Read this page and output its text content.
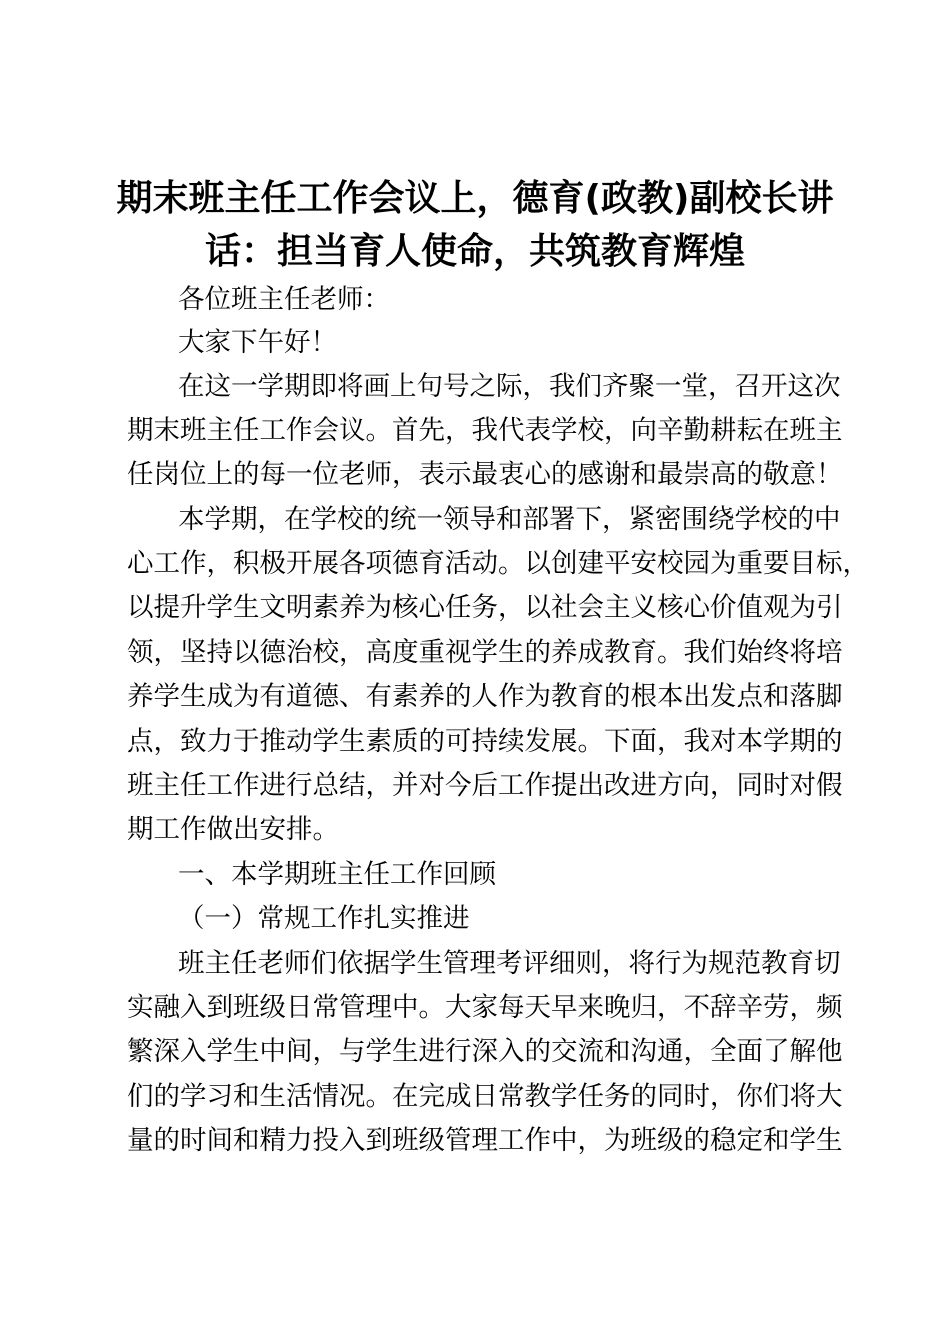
期末班主任工作会议上，德育(政教)副校长讲
话：担当育人使命，共筑教育辉煌
各位班主任老师：
大家下午好！
在这一学期即将画上句号之际，我们齐聚一堂，召开这次
期末班主任工作会议。首先，我代表学校，向辛勤耕耘在班主
任岗位上的每一位老师，表示最衷心的感谢和最崇高的敬意！
本学期，在学校的统一领导和部署下，紧密围绕学校的中
心工作，积极开展各项德育活动。以创建平安校园为重要目标，
以提升学生文明素养为核心任务，以社会主义核心价值观为引
领，坚持以德治校，高度重视学生的养成教育。我们始终将培
养学生成为有道德、有素养的人作为教育的根本出发点和落脚
点，致力于推动学生素质的可持续发展。下面，我对本学期的
班主任工作进行总结，并对今后工作提出改进方向，同时对假
期工作做出安排。
一、本学期班主任工作回顾
（一）常规工作扎实推进
班主任老师们依据学生管理考评细则，将行为规范教育切
实融入到班级日常管理中。大家每天早来晚归，不辞辛劳，频
繁深入学生中间，与学生进行深入的交流和沟通，全面了解他
们的学习和生活情况。在完成日常教学任务的同时，你们将大
量的时间和精力投入到班级管理工作中，为班级的稳定和学生
